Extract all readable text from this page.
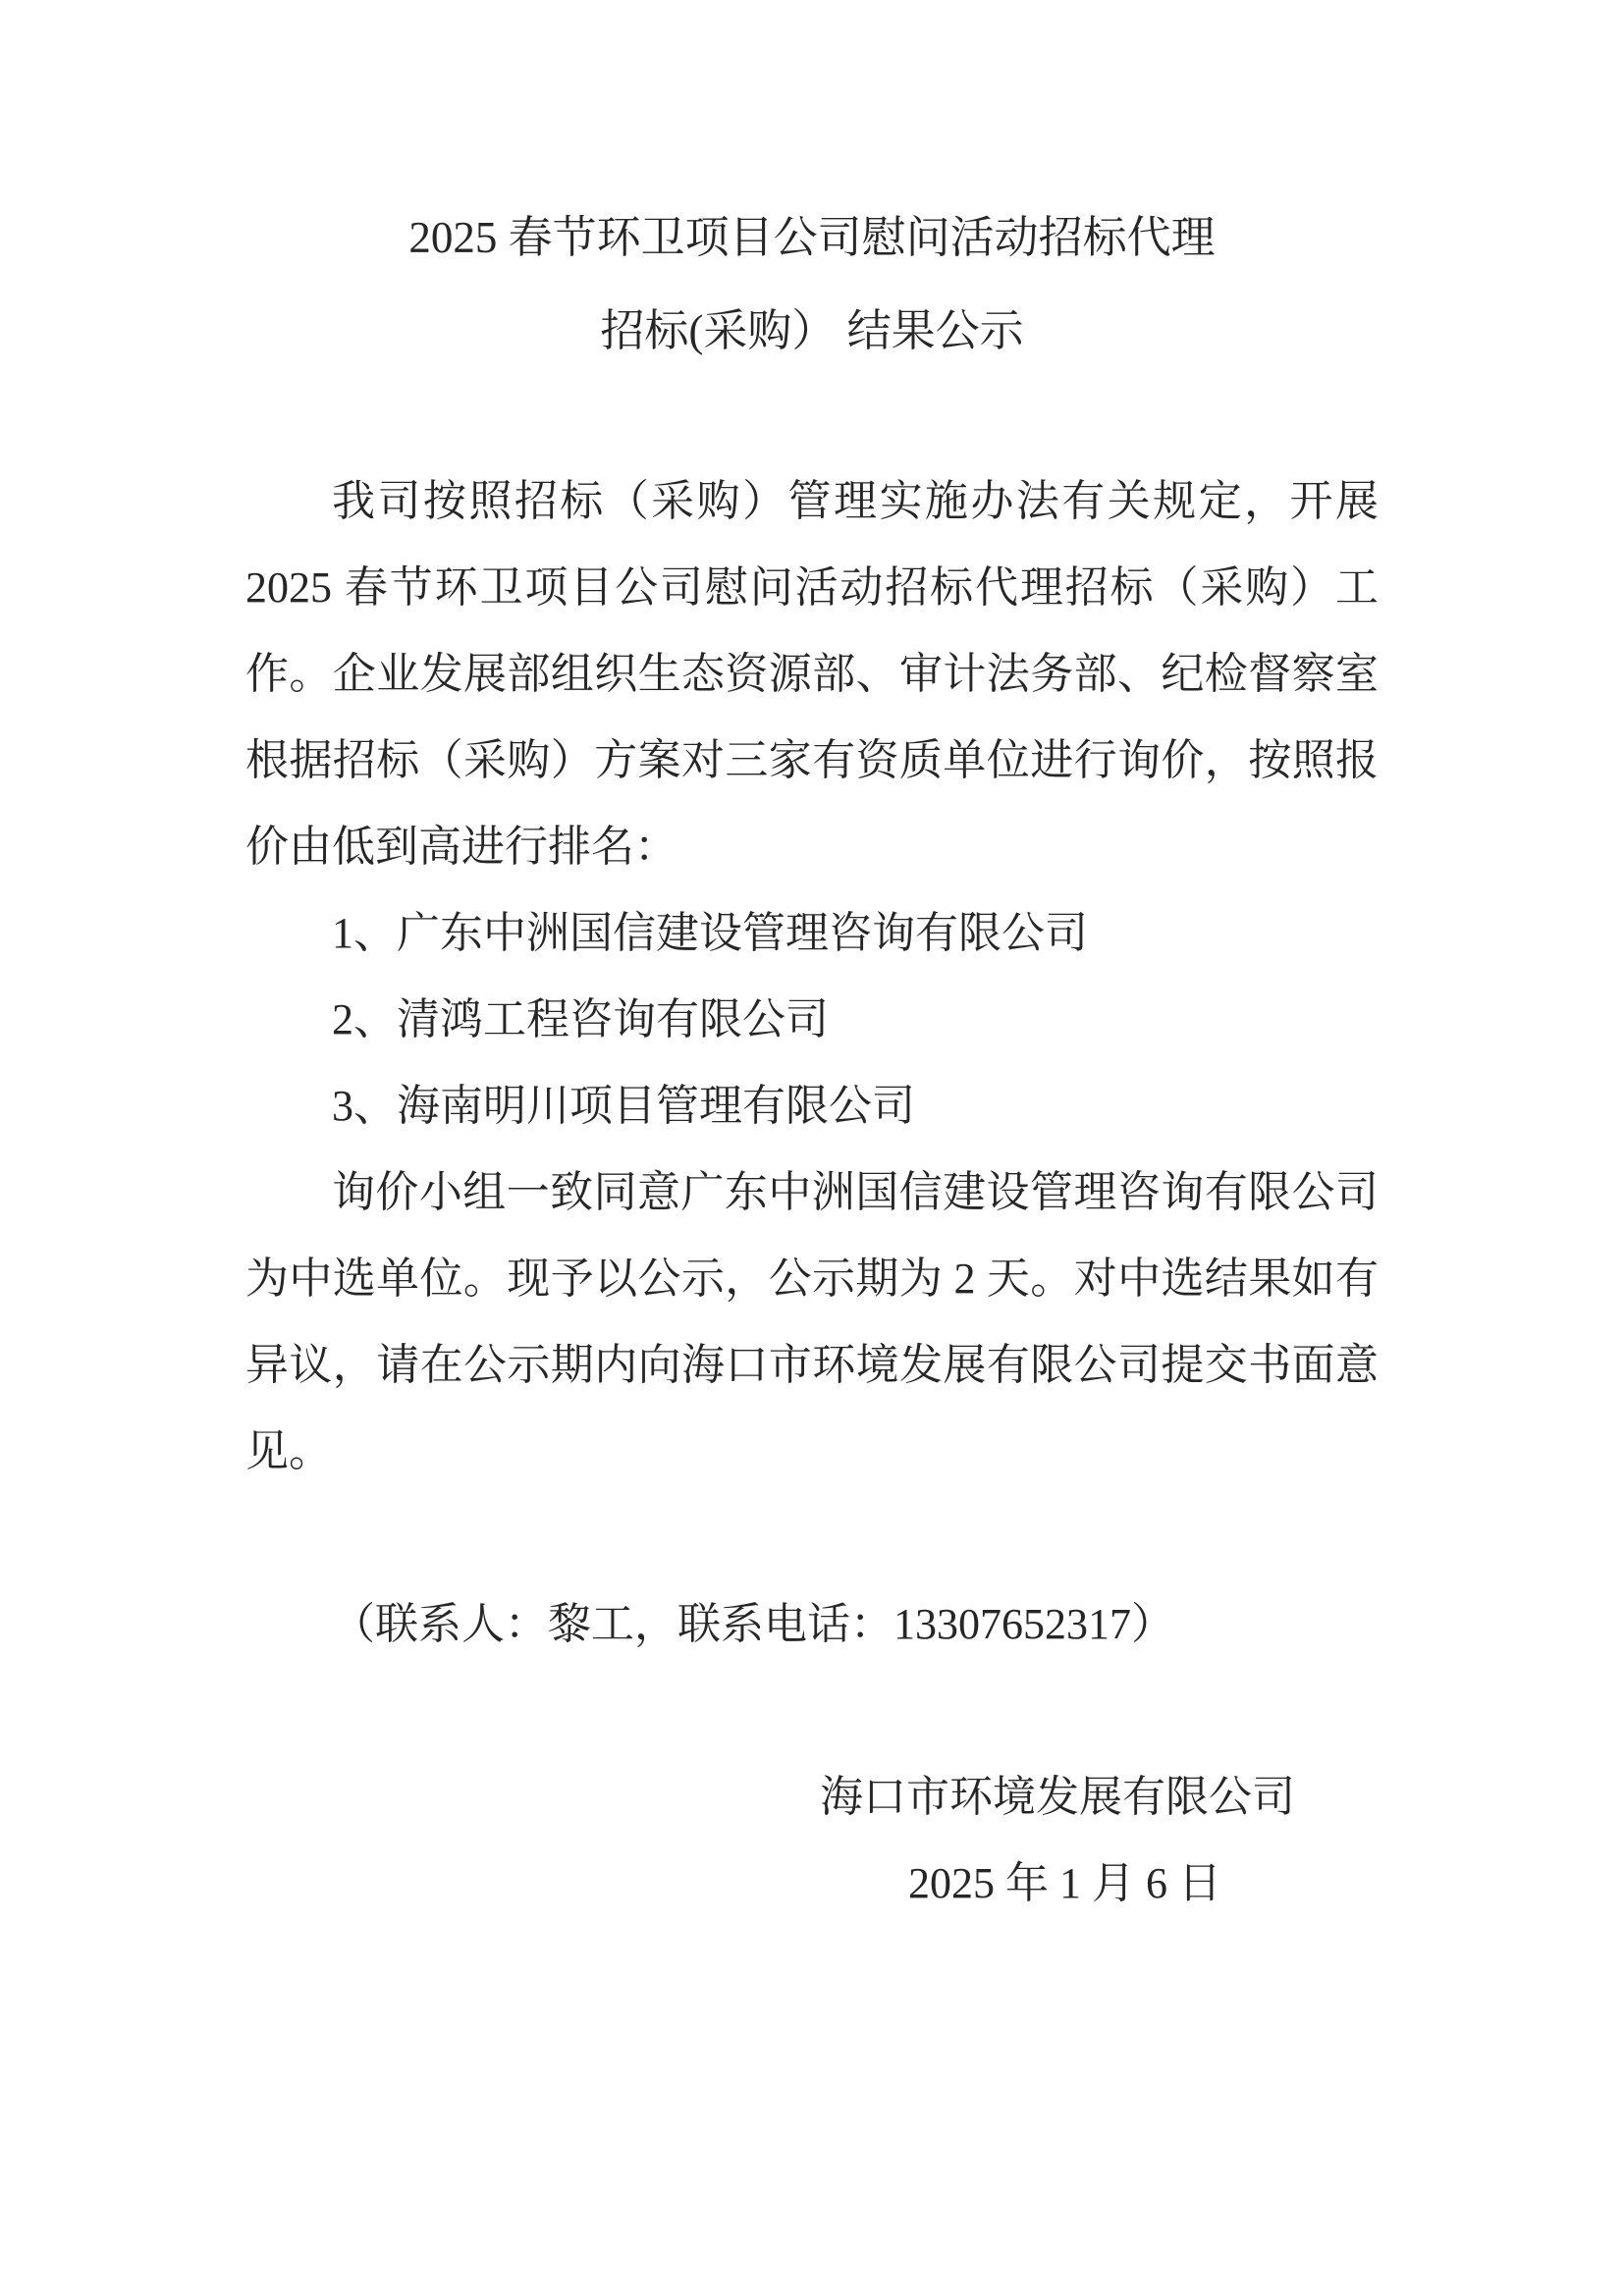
2025 春节环卫项目公司慰问活动招标代理
招标(采购） 结果公示

我司按照招标（采购）管理实施办法有关规定，开展 2025 春节环卫项目公司慰问活动招标代理招标（采购）工作。企业发展部组织生态资源部、审计法务部、纪检督察室根据招标（采购）方案对三家有资质单位进行询价，按照报价由低到高进行排名：

1、广东中洲国信建设管理咨询有限公司

2、清鸿工程咨询有限公司

3、海南明川项目管理有限公司

询价小组一致同意广东中洲国信建设管理咨询有限公司为中选单位。现予以公示，公示期为 2 天。对中选结果如有异议，请在公示期内向海口市环境发展有限公司提交书面意见。

（联系人：黎工，联系电话：13307652317）

海口市环境发展有限公司

2025 年 1 月 6 日
